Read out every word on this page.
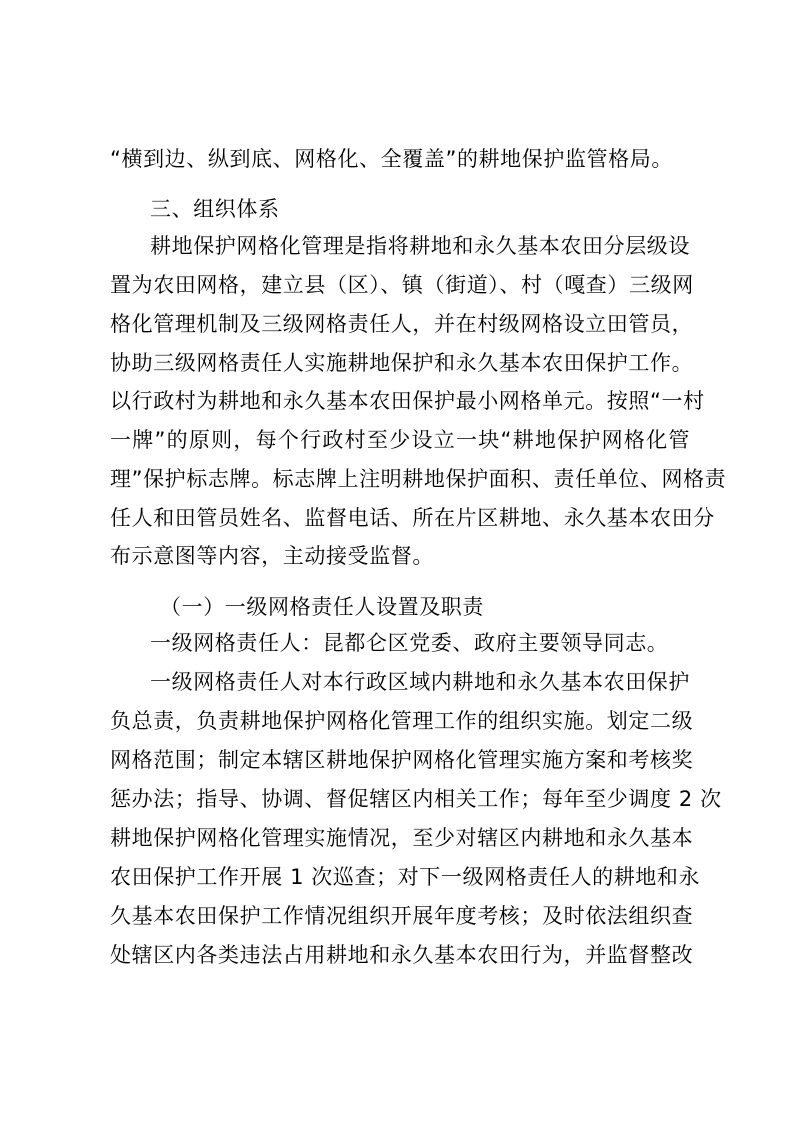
“横到边、纵到底、网格化、全覆盖”的耕地保护监管格局。
三、组织体系
耕地保护网格化管理是指将耕地和永久基本农田分层级设
置为农田网格，建立县（区）、镇（街道）、村（嘎查）三级网
格化管理机制及三级网格责任人，并在村级网格设立田管员，
协助三级网格责任人实施耕地保护和永久基本农田保护工作。
以行政村为耕地和永久基本农田保护最小网格单元。按照“一村
一牌”的原则，每个行政村至少设立一块“耕地保护网格化管
理”保护标志牌。标志牌上注明耕地保护面积、责任单位、网格责
任人和田管员姓名、监督电话、所在片区耕地、永久基本农田分
布示意图等内容，主动接受监督。
（一）一级网格责任人设置及职责
一级网格责任人：昆都仑区党委、政府主要领导同志。
一级网格责任人对本行政区域内耕地和永久基本农田保护
负总责，负责耕地保护网格化管理工作的组织实施。划定二级
网格范围；制定本辖区耕地保护网格化管理实施方案和考核奖
惩办法；指导、协调、督促辖区内相关工作；每年至少调度 2 次
耕地保护网格化管理实施情况，至少对辖区内耕地和永久基本
农田保护工作开展 1 次巡查；对下一级网格责任人的耕地和永
久基本农田保护工作情况组织开展年度考核；及时依法组织查
处辖区内各类违法占用耕地和永久基本农田行为，并监督整改
